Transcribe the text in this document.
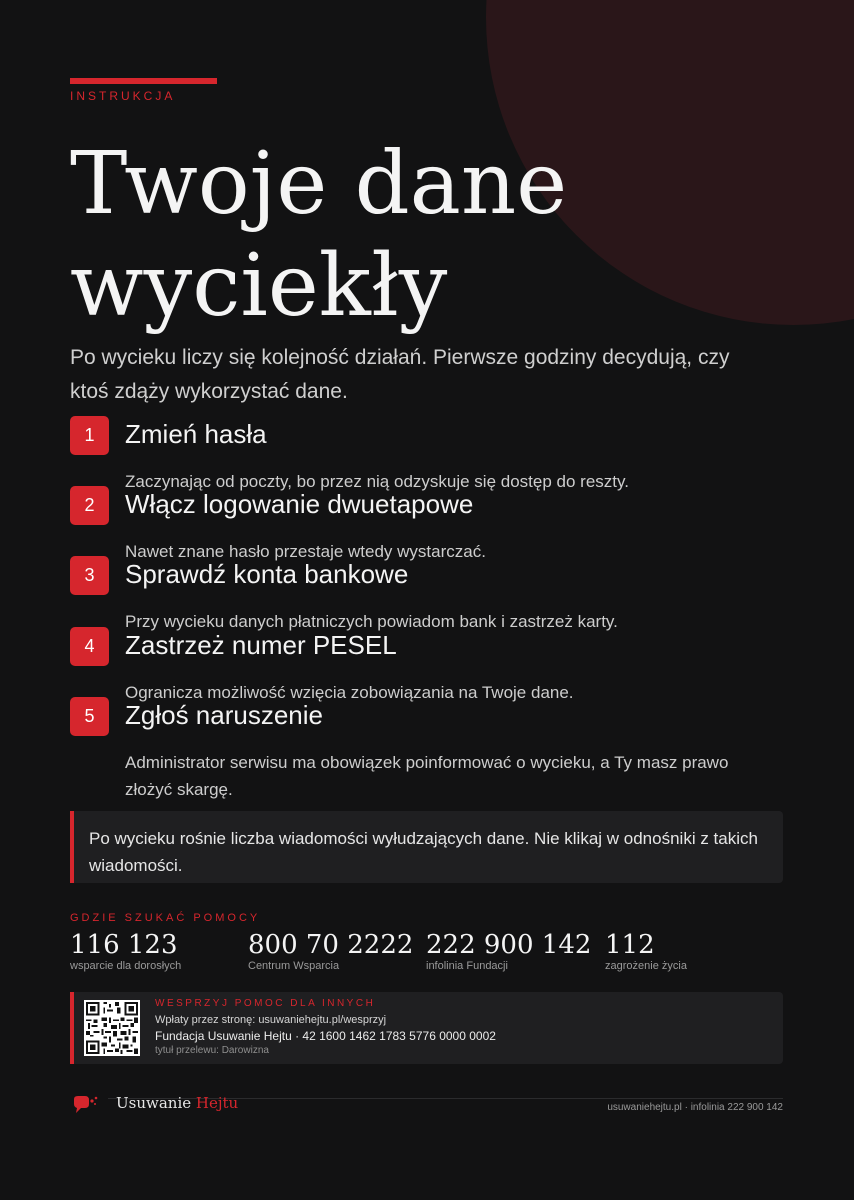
INSTRUKCJA
Twoje dane
wyciekły
Po wycieku liczy się kolejność działań. Pierwsze godziny decydują, czy ktoś zdąży wykorzystać dane.
1	Zmień hasła
Zaczynając od poczty, bo przez nią odzyskuje się dostęp do reszty.
2	Włącz logowanie dwuetapowe
Nawet znane hasło przestaje wtedy wystarczać.
3	Sprawdź konta bankowe
Przy wycieku danych płatniczych powiadom bank i zastrzeż karty.
4	Zastrzeż numer PESEL
Ogranicza możliwość wzięcia zobowiązania na Twoje dane.
5	Zgłoś naruszenie
Administrator serwisu ma obowiązek poinformować o wycieku, a Ty masz prawo złożyć skargę.
Po wycieku rośnie liczba wiadomości wyłudzających dane. Nie klikaj w odnośniki z takich wiadomości.
GDZIE SZUKAĆ POMOCY
116 123
wsparcie dla dorosłych
800 70 2222
Centrum Wsparcia
222 900 142
infolinia Fundacji
112
zagrożenie życia
WESPRZYJ POMOC DLA INNYCH
Wpłaty przez stronę: usuwaniehejtu.pl/wesprzyj
Fundacja Usuwanie Hejtu · 42 1600 1462 1783 5776 0000 0002
tytuł przelewu: Darowizna
Usuwanie Hejtu	usuwaniehejtu.pl · infolinia 222 900 142
